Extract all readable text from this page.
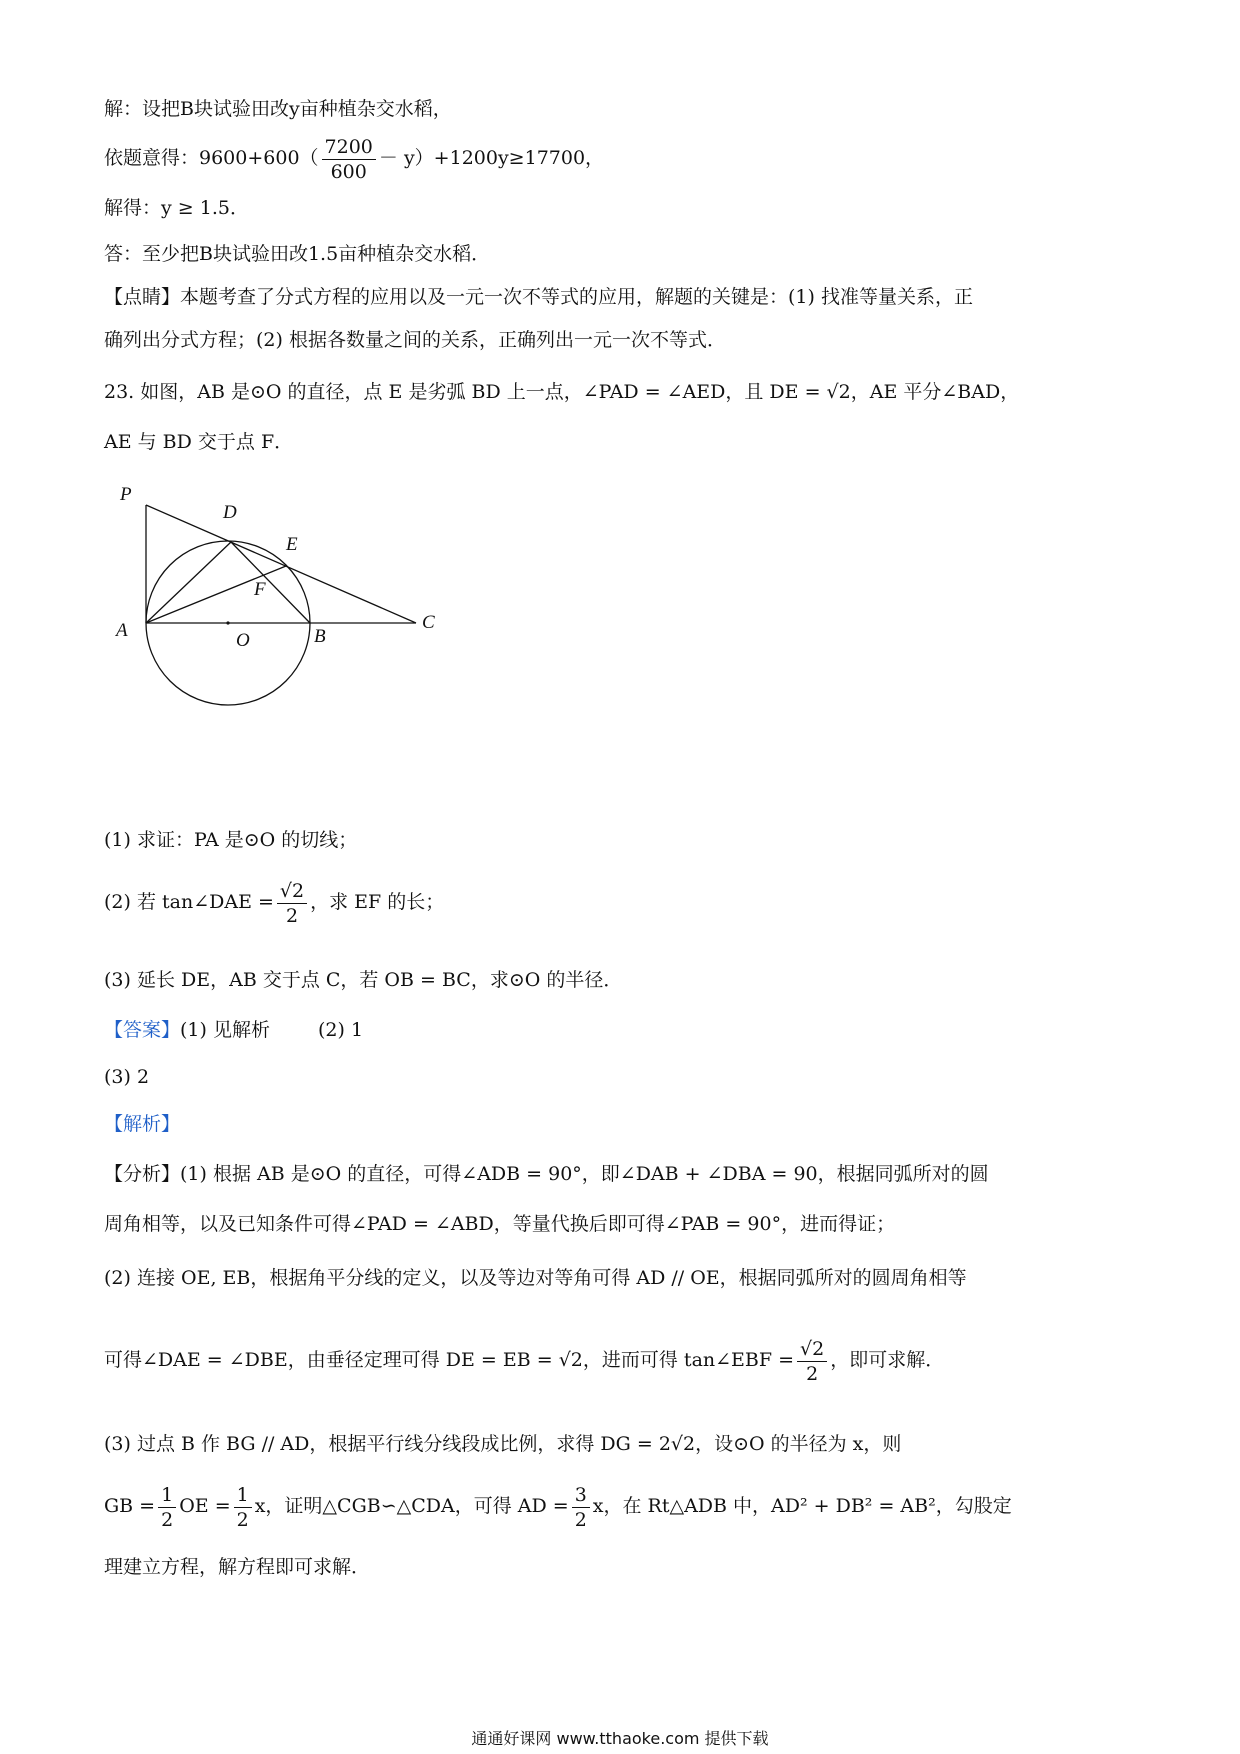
解：设把B块试验田改y亩种植杂交水稻，
依题意得：$9600+600( \frac{7200}{600} - y)+1200y\ge 17700$，
解得：y ≥ 1.5．
答：至少把B块试验田改1.5亩种植杂交水稻．
【点睛】本题考查了分式方程的应用以及一元一次不等式的应用，解题的关键是：(1) 找准等量关系，正
确列出分式方程；(2) 根据各数量之间的关系，正确列出一元一次不等式．
23. 如图，AB 是⊙O 的直径，点 E 是劣弧 BD 上一点，∠PAD = ∠AED，且 DE = √2，AE 平分∠BAD，
AE 与 BD 交于点 F．
P
D
E
F
A	O	B
C
(1) 求证：PA 是⊙O 的切线；
(2) 若 tan∠DAE = $\frac{√2}{2}$ ，求 EF 的长；
(3) 延长 DE，AB 交于点 C，若 OB = BC，求⊙O 的半径．
【答案】(1) 见解析	(2) 1
(3) 2
【解析】
【分析】(1) 根据 AB 是⊙O 的直径，可得∠ADB = 90°，即∠DAB + ∠DBA = 90，根据同弧所对的圆
周角相等，以及已知条件可得∠PAD = ∠ABD，等量代换后即可得∠PAB = 90°，进而得证；
(2) 连接 OE, EB，根据角平分线的定义，以及等边对等角可得 AD // OE，根据同弧所对的圆周角相等
可得∠DAE = ∠DBE，由垂径定理可得 DE = EB = √2，进而可得 tan∠EBF = $\frac{√2}{2}$ ，即可求解．
(3) 过点 B 作 BG // AD，根据平行线分线段成比例，求得 DG = 2√2，设⊙O 的半径为 x，则
GB = $\frac{1}{2}$ OE = $\frac{1}{2}$ x，证明△CGB∽△CDA，可得 AD = $\frac{3}{2}$ x，在 Rt△ADB 中，AD² + DB² = AB²，勾股定
理建立方程，解方程即可求解．
通通好课网 www.tthaoke.com 提供下载
